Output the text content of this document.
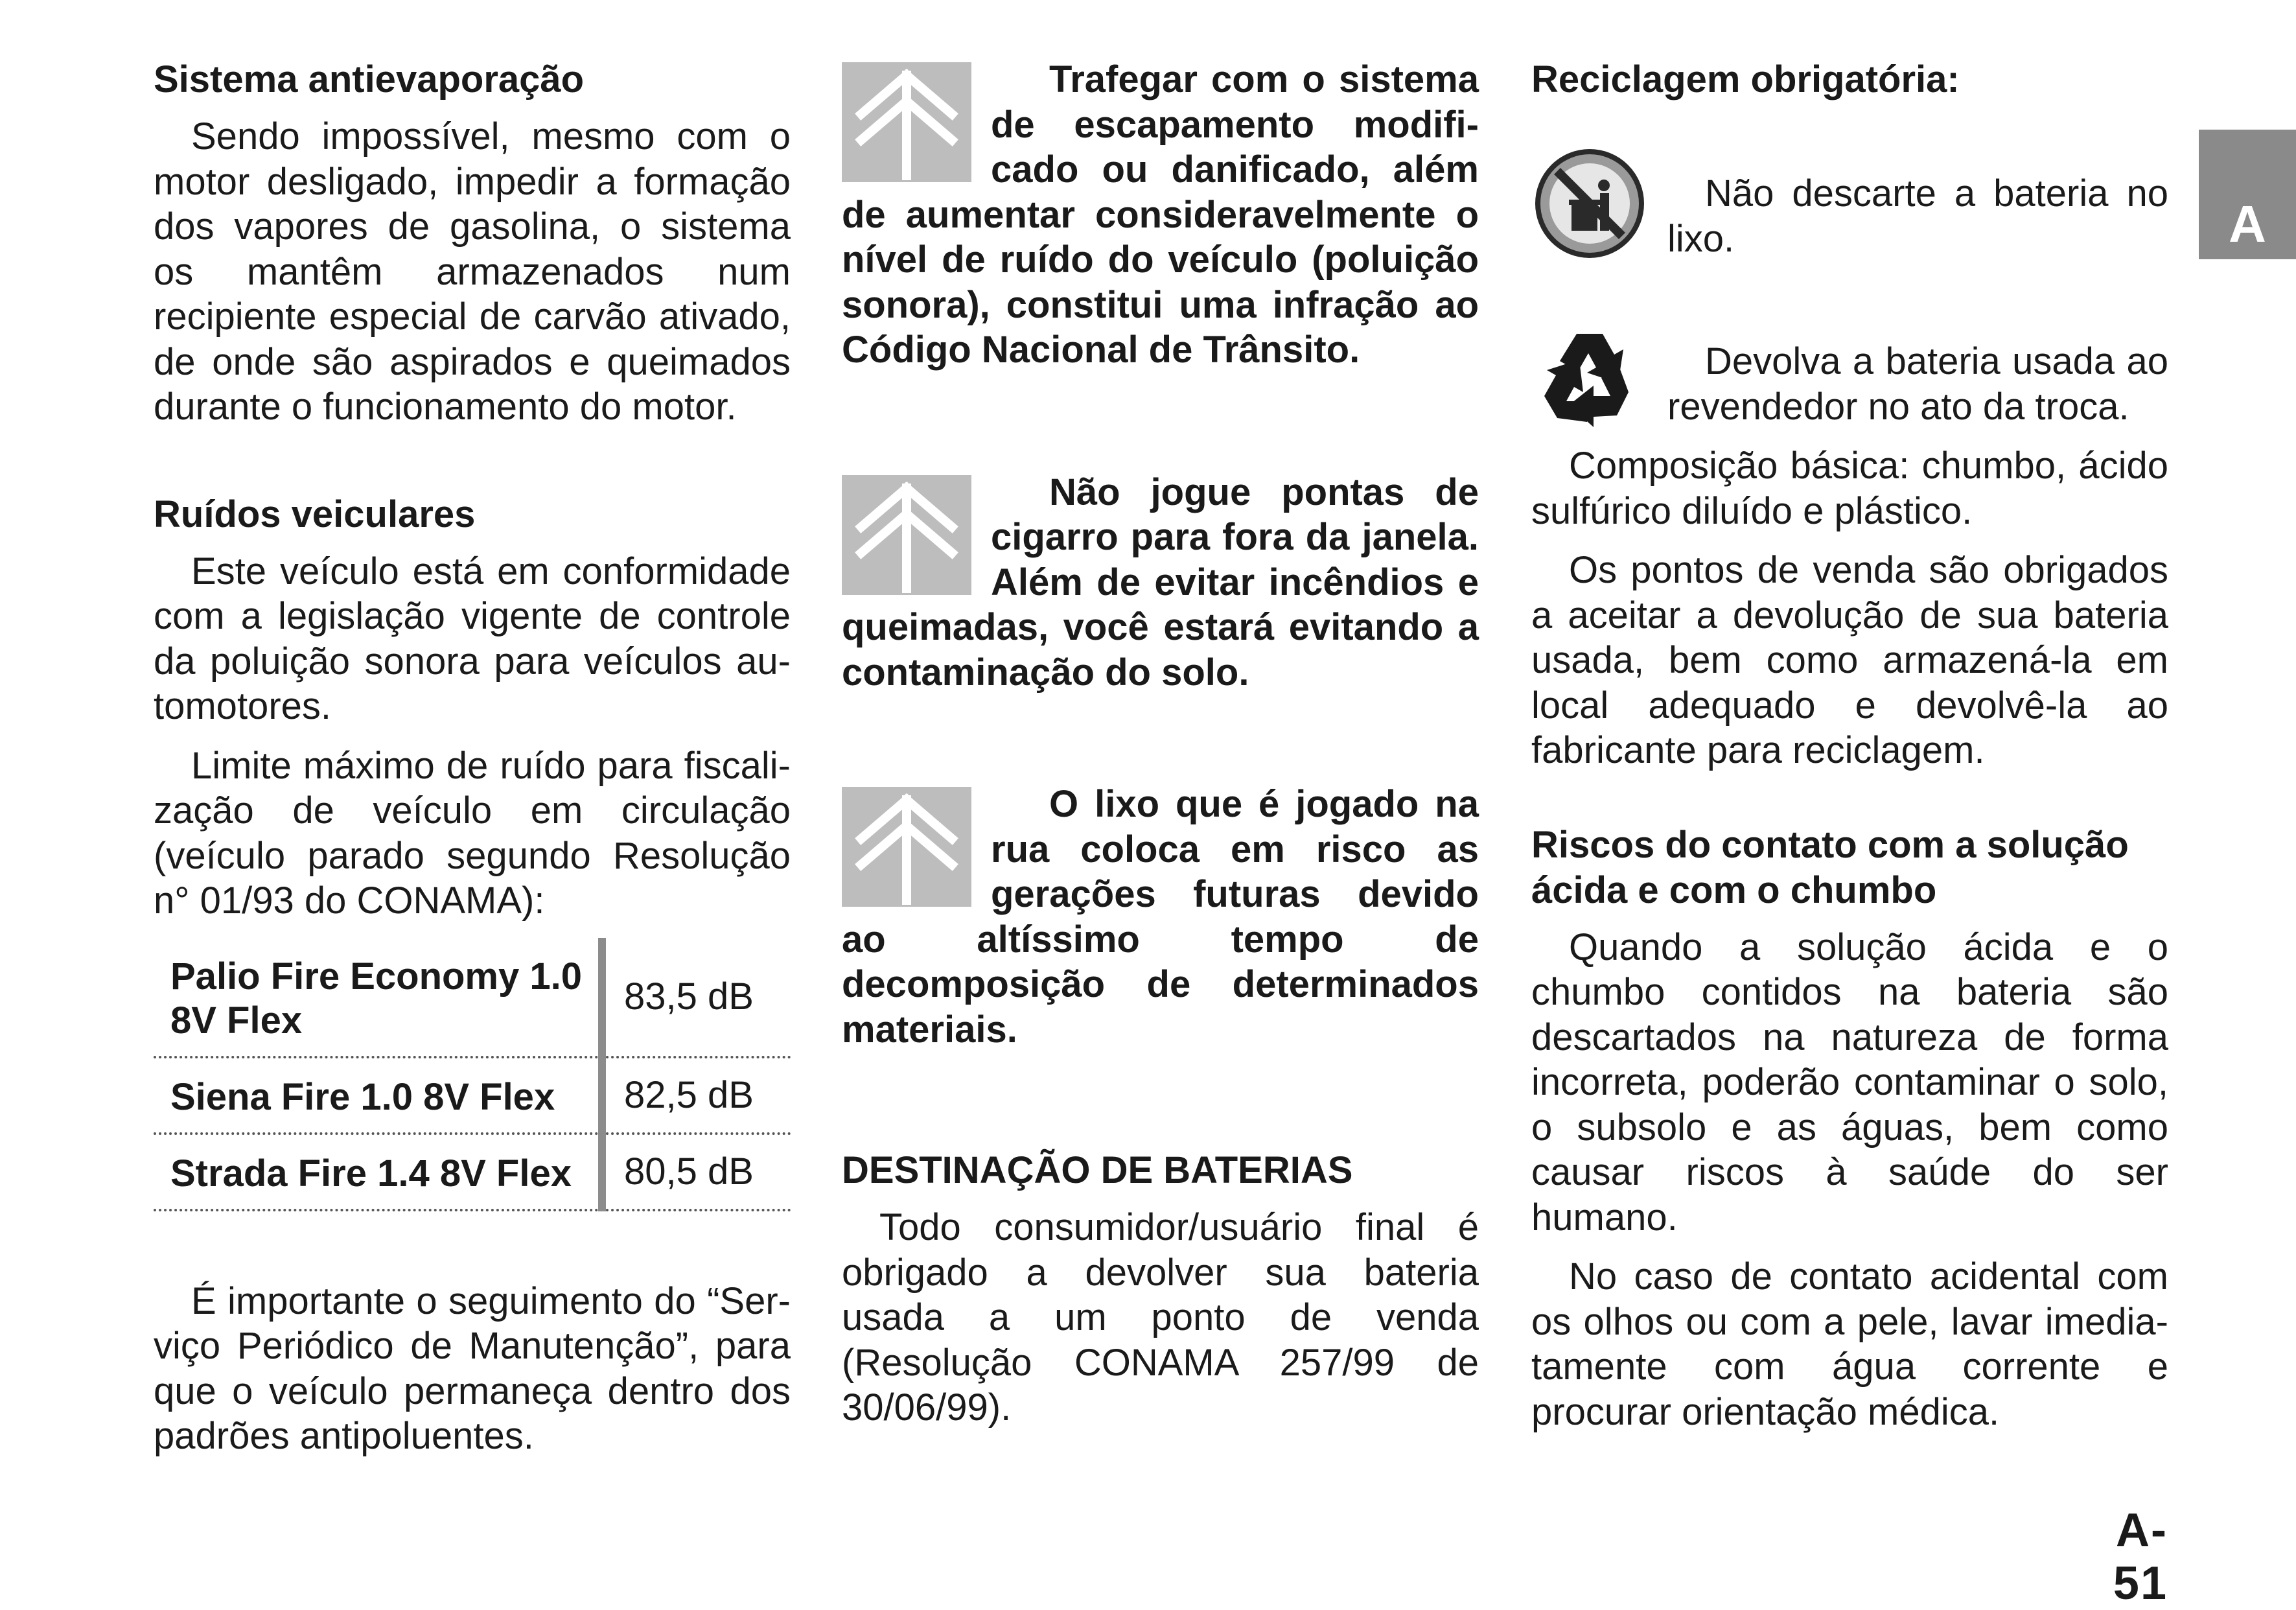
Sistema antievaporação

Sendo impossível, mesmo com o motor desligado, impedir a formação dos vapores de gasolina, o sistema os mantêm armazenados num recipiente especial de carvão ativado, de onde são aspirados e queimados durante o funcionamento do motor.

Ruídos veiculares

Este veículo está em conformidade com a legislação vigente de controle da poluição sonora para veículos automotores.

Limite máximo de ruído para fiscalização de veículo em circulação (veículo parado segundo Resolução n° 01/93 do CONAMA):

Palio Fire Economy 1.0 8V Flex	83,5 dB
Siena Fire 1.0 8V Flex	82,5 dB
Strada Fire 1.4 8V Flex	80,5 dB

É importante o seguimento do “Serviço Periódico de Manutenção”, para que o veículo permaneça dentro dos padrões antipoluentes.

Trafegar com o sistema de escapamento modificado ou danificado, além de aumentar consideravelmente o nível de ruído do veículo (poluição sonora), constitui uma infração ao Código Nacional de Trânsito.
Não jogue pontas de cigarro para fora da janela. Além de evitar incêndios e queimadas, você estará evitando a contaminação do solo.
O lixo que é jogado na rua coloca em risco as gerações futuras devido ao altíssimo tempo de decomposição de determinados materiais.
DESTINAÇÃO DE BATERIAS

Todo consumidor/usuário final é obrigado a devolver sua bateria usada a um ponto de venda (Resolução CONAMA 257/99 de 30/06/99).

Reciclagem obrigatória:

Não descarte a bateria no lixo.

Devolva a bateria usada ao revendedor no ato da troca.

Composição básica: chumbo, ácido sulfúrico diluído e plástico.

Os pontos de venda são obrigados a aceitar a devolução de sua bateria usada, bem como armazená-la em local adequado e devolvê-la ao fabricante para reciclagem.

Riscos do contato com a solução
ácida e com o chumbo

Quando a solução ácida e o chumbo contidos na bateria são descartados na natureza de forma incorreta, poderão contaminar o solo, o subsolo e as águas, bem como causar riscos à saúde do ser humano.

No caso de contato acidental com os olhos ou com a pele, lavar imediatamente com água corrente e procurar orientação médica.

A
A-51
